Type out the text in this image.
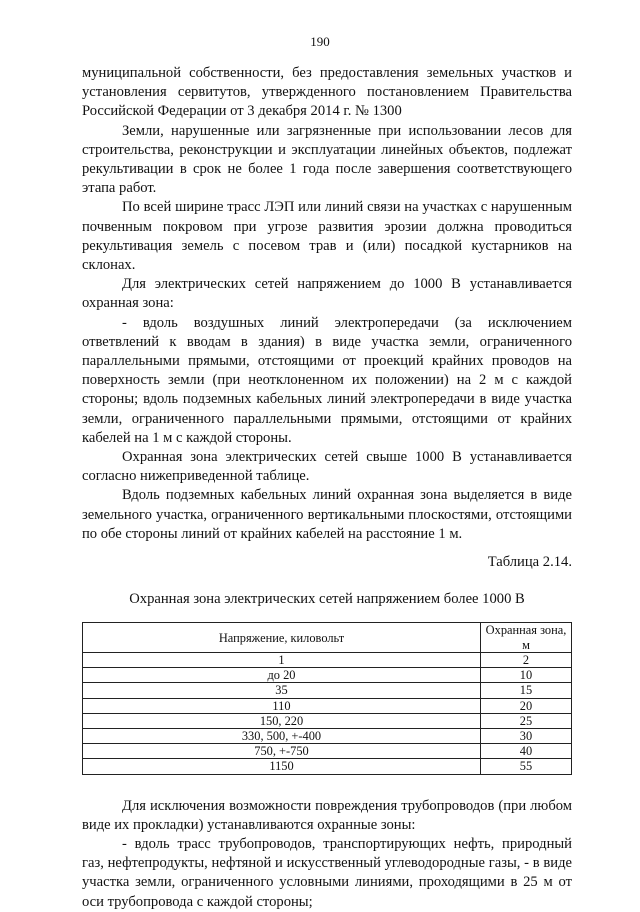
190

муниципальной собственности, без предоставления земельных участков и установления сервитутов, утвержденного постановлением Правительства Российской Федерации от 3 декабря 2014 г. № 1300

Земли, нарушенные или загрязненные при использовании лесов для строительства, реконструкции и эксплуатации линейных объектов, подлежат рекультивации в срок не более 1 года после завершения соответствующего этапа работ.

По всей ширине трасс ЛЭП или линий связи на участках с нарушенным почвенным покровом при угрозе развития эрозии должна проводиться рекультивация земель с посевом трав и (или) посадкой кустарников на склонах.

Для электрических сетей напряжением до 1000 В устанавливается охранная зона:

- вдоль воздушных линий электропередачи (за исключением ответвлений к вводам в здания) в виде участка земли, ограниченного параллельными прямыми, отстоящими от проекций крайних проводов на поверхность земли (при неотклоненном их положении) на 2 м с каждой стороны; вдоль подземных кабельных линий электропередачи в виде участка земли, ограниченного параллельными прямыми, отстоящими от крайних кабелей на 1 м с каждой стороны.

Охранная зона электрических сетей свыше 1000 В устанавливается согласно нижеприведенной таблице.

Вдоль подземных кабельных линий охранная зона выделяется в виде земельного участка, ограниченного вертикальными плоскостями, отстоящими по обе стороны линий от крайних кабелей на расстояние 1 м.

Таблица 2.14.

Охранная зона электрических сетей напряжением более 1000 В

Напряжение, киловольт	Охранная зона, м
1	2
до 20	10
35	15
110	20
150, 220	25
330, 500, +-400	30
750, +-750	40
1150	55

Для исключения возможности повреждения трубопроводов (при любом виде их прокладки) устанавливаются охранные зоны:

- вдоль трасс трубопроводов, транспортирующих нефть, природный газ, нефтепродукты, нефтяной и искусственный углеводородные газы, - в виде участка земли, ограниченного условными линиями, проходящими в 25 м от оси трубопровода с каждой стороны;
